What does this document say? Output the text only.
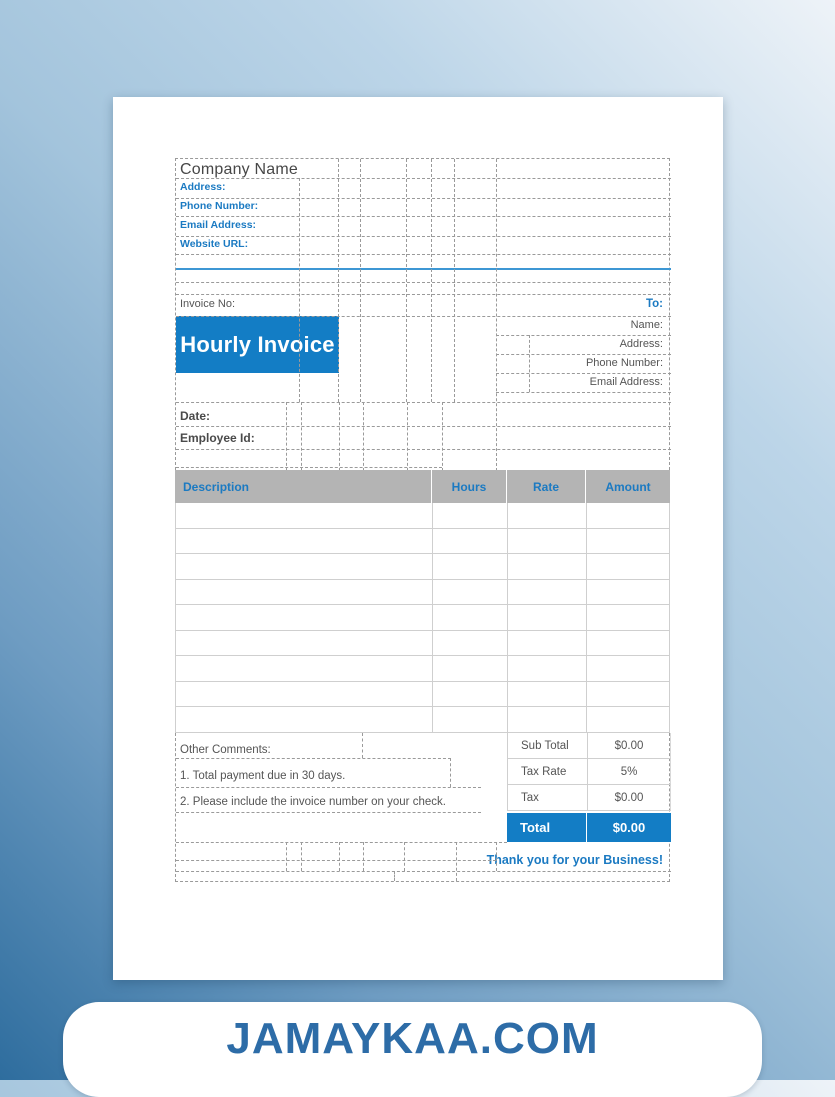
Company Name
Address:
Phone Number:
Email Address:
Website URL:
Invoice No:	To:
Hourly Invoice
Name:
Address:
Phone Number:
Email Address:
Date:
Employee Id:
Description	Hours	Rate	Amount
Other Comments:
1. Total payment due in 30 days.
2. Please include the invoice number on your check.
Sub Total	$0.00
Tax Rate	5%
Tax	$0.00
Total	$0.00
Thank you for your Business!
JAMAYKAA.COM
